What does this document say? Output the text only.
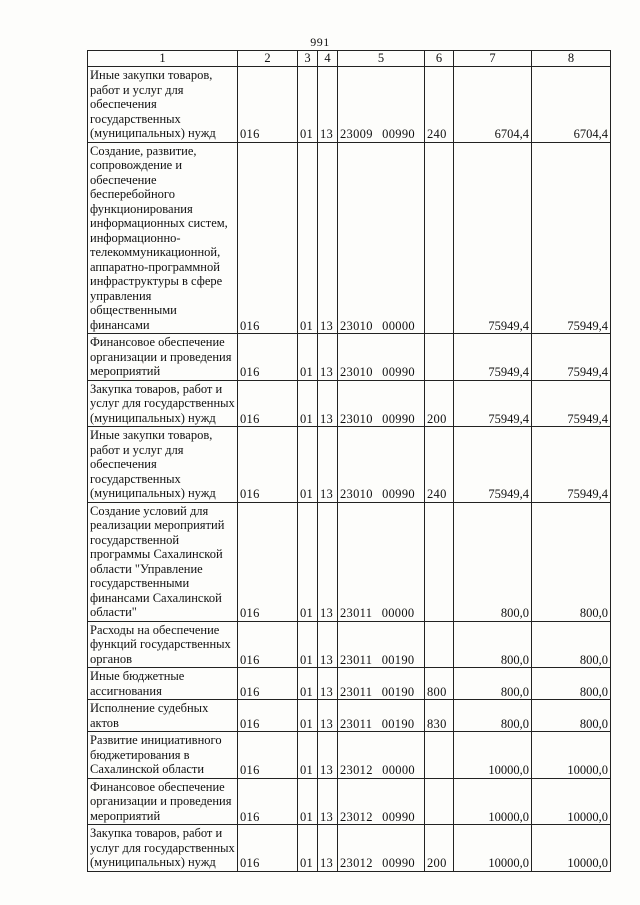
991
1	2	3	4	5	6	7	8
Иные закупки товаров, работ и услуг для обеспечения государственных (муниципальных) нужд	016	01	13	23009 00990	240	6704,4	6704,4
Создание, развитие, сопровождение и обеспечение бесперебойного функционирования информационных систем, информационно-телекоммуникационной, аппаратно-программной инфраструктуры в сфере управления общественными финансами	016	01	13	23010 00000		75949,4	75949,4
Финансовое обеспечение организации и проведения мероприятий	016	01	13	23010 00990		75949,4	75949,4
Закупка товаров, работ и услуг для государственных (муниципальных) нужд	016	01	13	23010 00990	200	75949,4	75949,4
Иные закупки товаров, работ и услуг для обеспечения государственных (муниципальных) нужд	016	01	13	23010 00990	240	75949,4	75949,4
Создание условий для реализации мероприятий государственной программы Сахалинской области "Управление государственными финансами Сахалинской области"	016	01	13	23011 00000		800,0	800,0
Расходы на обеспечение функций государственных органов	016	01	13	23011 00190		800,0	800,0
Иные бюджетные ассигнования	016	01	13	23011 00190	800	800,0	800,0
Исполнение судебных актов	016	01	13	23011 00190	830	800,0	800,0
Развитие инициативного бюджетирования в Сахалинской области	016	01	13	23012 00000		10000,0	10000,0
Финансовое обеспечение организации и проведения мероприятий	016	01	13	23012 00990		10000,0	10000,0
Закупка товаров, работ и услуг для государственных (муниципальных) нужд	016	01	13	23012 00990	200	10000,0	10000,0
